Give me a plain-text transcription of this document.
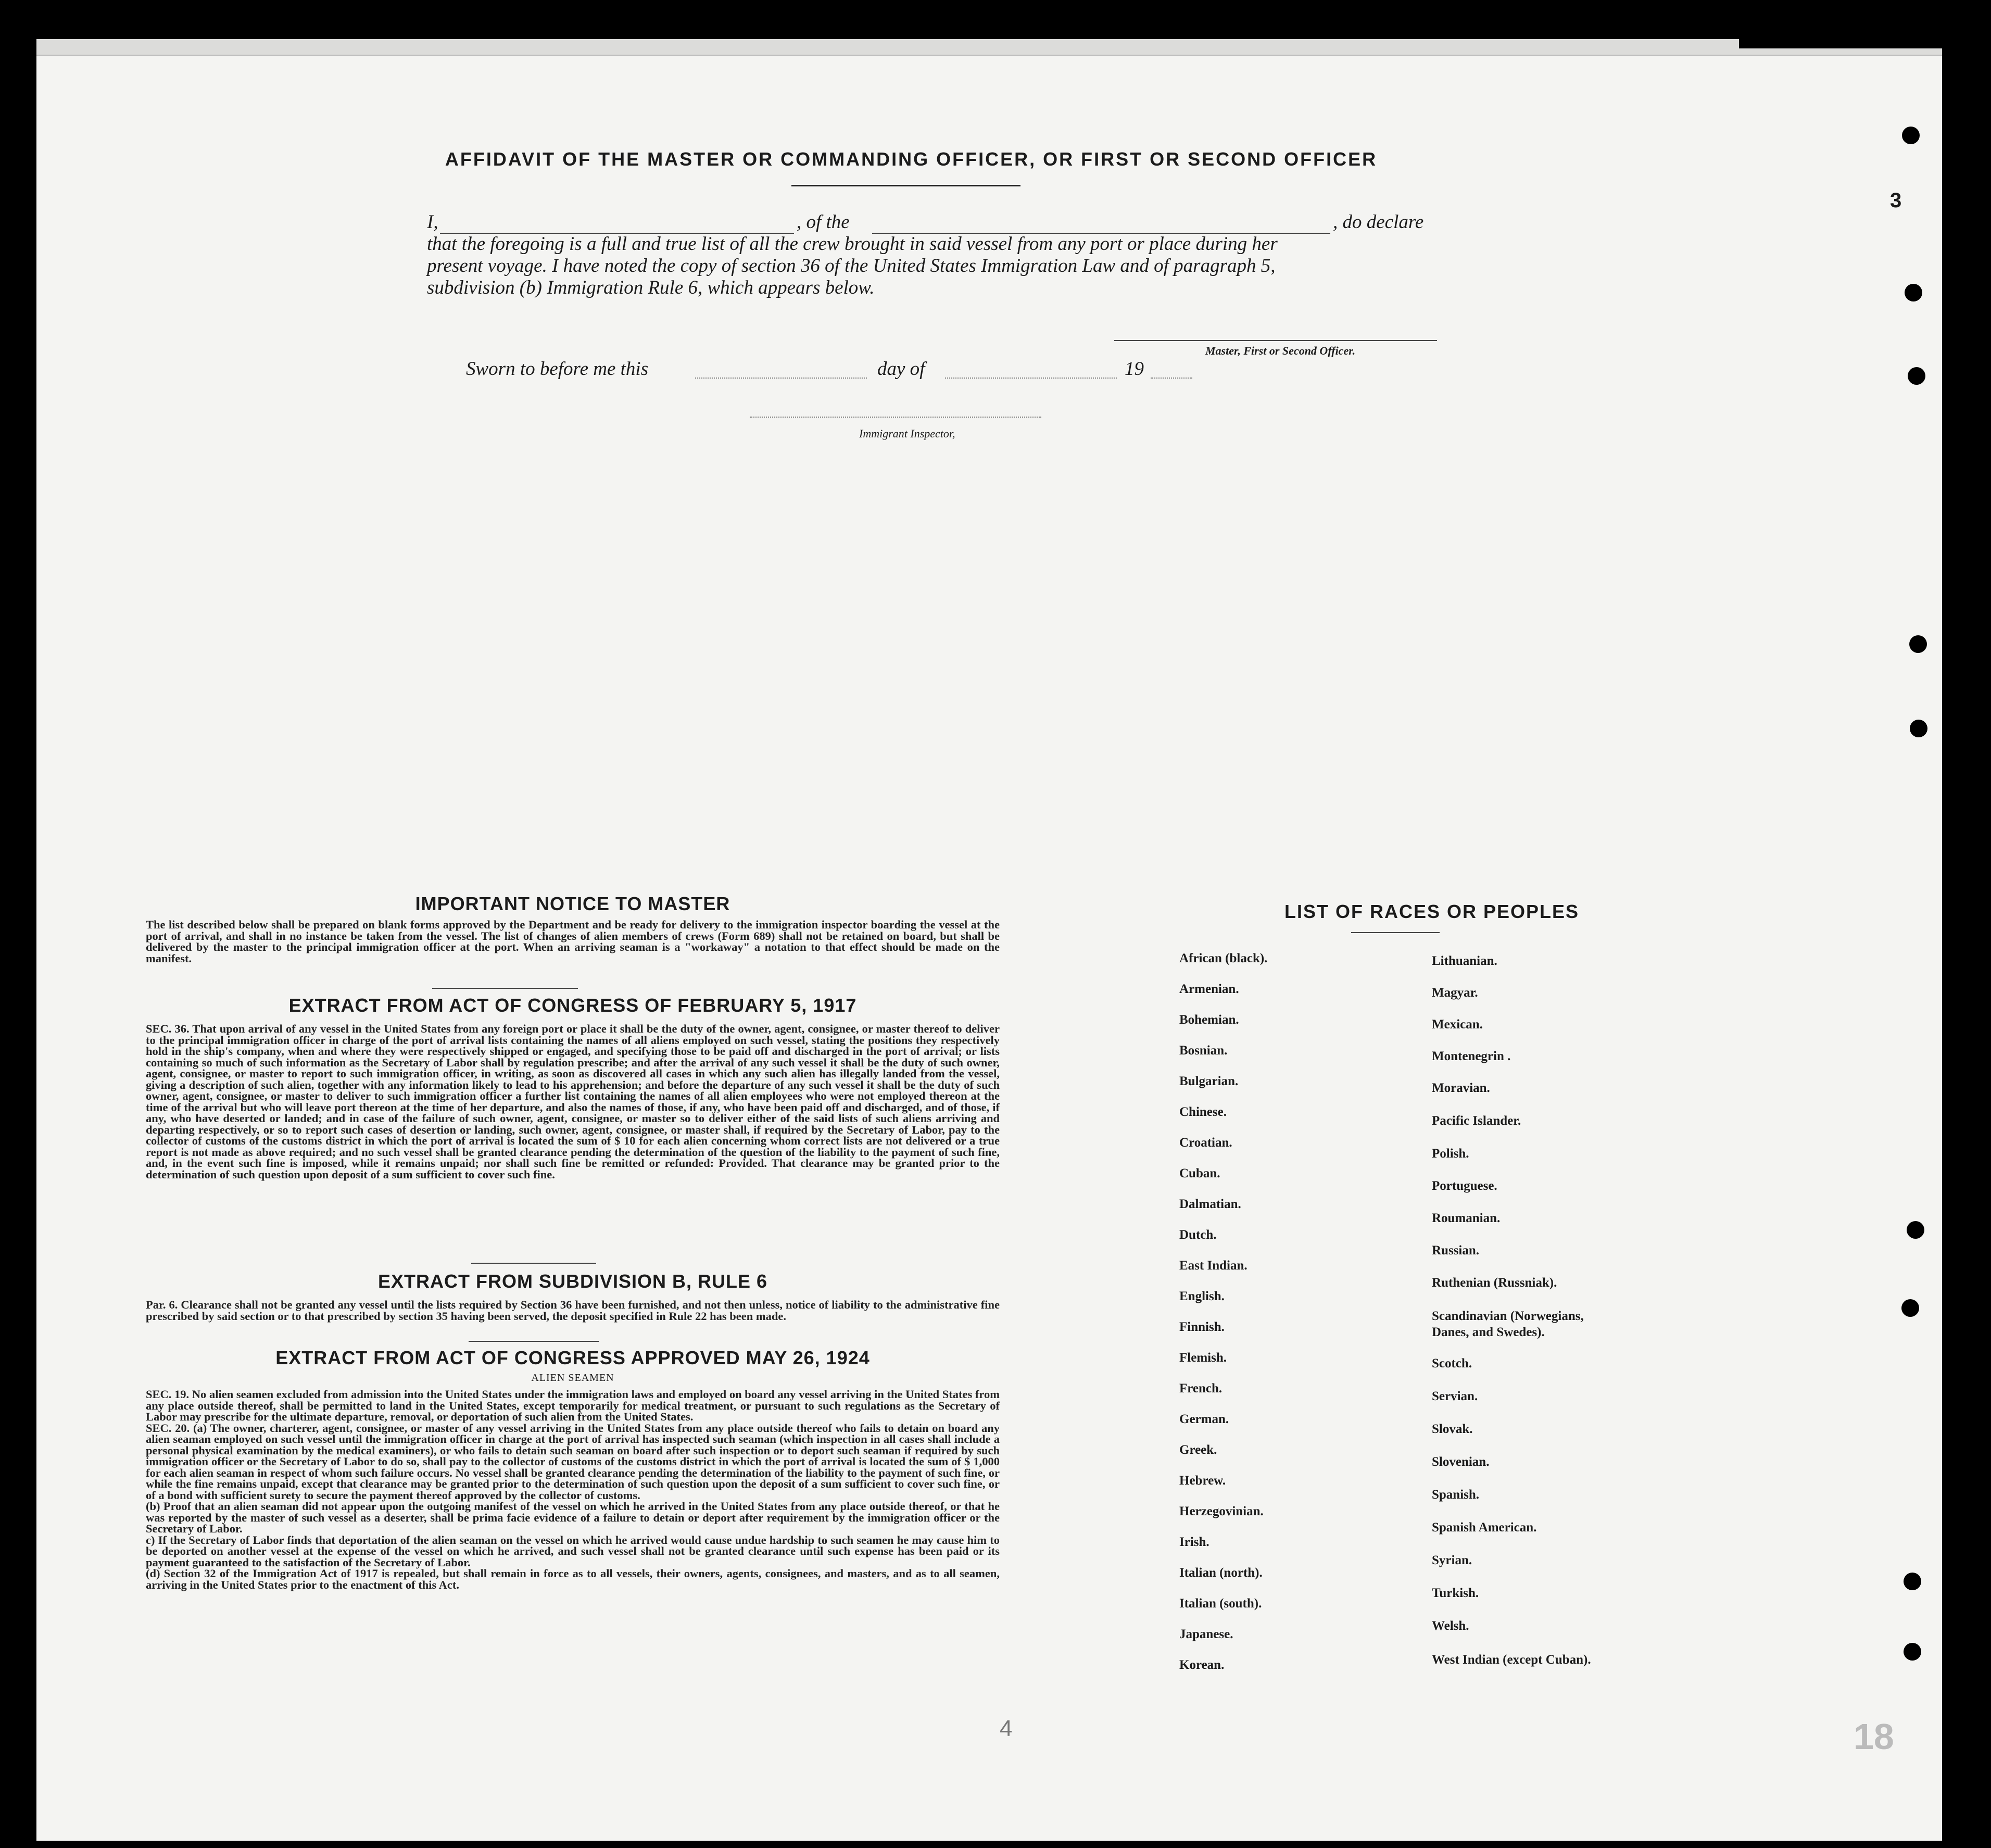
AFFIDAVIT OF THE MASTER OR COMMANDING OFFICER, OR FIRST OR SECOND OFFICER
I,	, of the	, do declare
that the foregoing is a full and true list of all the crew brought in said vessel from any port or place during her
present voyage. I have noted the copy of section 36 of the United States Immigration Law and of paragraph 5,
subdivision (b) Immigration Rule 6, which appears below.
Master, First or Second Officer.
Sworn to before me this	day of	19
Immigrant Inspector,
IMPORTANT NOTICE TO MASTER
The list described below shall be prepared on blank forms approved by the Department and be ready for delivery to the immigration inspector boarding the vessel at the port of arrival, and shall in no instance be taken from the vessel. The list of changes of alien members of crews (Form 689) shall not be retained on board, but shall be delivered by the master to the principal immigration officer at the port. When an arriving seaman is a "workaway" a notation to that effect should be made on the manifest.
EXTRACT FROM ACT OF CONGRESS OF FEBRUARY 5, 1917
SEC. 36. That upon arrival of any vessel in the United States from any foreign port or place it shall be the duty of the owner, agent, consignee, or master thereof to deliver to the principal immigration officer in charge of the port of arrival lists containing the names of all aliens employed on such vessel, stating the positions they respectively hold in the ship's company, when and where they were respectively shipped or engaged, and specifying those to be paid off and discharged in the port of arrival; or lists containing so much of such information as the Secretary of Labor shall by regulation prescribe; and after the arrival of any such vessel it shall be the duty of such owner, agent, consignee, or master to report to such immigration officer, in writing, as soon as discovered all cases in which any such alien has illegally landed from the vessel, giving a description of such alien, together with any information likely to lead to his apprehension; and before the departure of any such vessel it shall be the duty of such owner, agent, consignee, or master to deliver to such immigration officer a further list containing the names of all alien employees who were not employed thereon at the time of the arrival but who will leave port thereon at the time of her departure, and also the names of those, if any, who have been paid off and discharged, and of those, if any, who have deserted or landed; and in case of the failure of such owner, agent, consignee, or master so to deliver either of the said lists of such aliens arriving and departing respectively, or so to report such cases of desertion or landing, such owner, agent, consignee, or master shall, if required by the Secretary of Labor, pay to the collector of customs of the customs district in which the port of arrival is located the sum of $ 10 for each alien concerning whom correct lists are not delivered or a true report is not made as above required; and no such vessel shall be granted clearance pending the determination of the question of the liability to the payment of such fine, and, in the event such fine is imposed, while it remains unpaid; nor shall such fine be remitted or refunded: Provided. That clearance may be granted prior to the determination of such question upon deposit of a sum sufficient to cover such fine.
EXTRACT FROM SUBDIVISION B, RULE 6
Par. 6. Clearance shall not be granted any vessel until the lists required by Section 36 have been furnished, and not then unless, notice of liability to the administrative fine prescribed by said section or to that prescribed by section 35 having been served, the deposit specified in Rule 22 has been made.
EXTRACT FROM ACT OF CONGRESS APPROVED MAY 26, 1924
ALIEN SEAMEN
SEC. 19. No alien seamen excluded from admission into the United States under the immigration laws and employed on board any vessel arriving in the United States from any place outside thereof, shall be permitted to land in the United States, except temporarily for medical treatment, or pursuant to such regulations as the Secretary of Labor may prescribe for the ultimate departure, removal, or deportation of such alien from the United States.
SEC. 20. (a) The owner, charterer, agent, consignee, or master of any vessel arriving in the United States from any place outside thereof who fails to detain on board any alien seaman employed on such vessel until the immigration officer in charge at the port of arrival has inspected such seaman (which inspection in all cases shall include a personal physical examination by the medical examiners), or who fails to detain such seaman on board after such inspection or to deport such seaman if required by such immigration officer or the Secretary of Labor to do so, shall pay to the collector of customs of the customs district in which the port of arrival is located the sum of $ 1,000 for each alien seaman in respect of whom such failure occurs. No vessel shall be granted clearance pending the determination of the liability to the payment of such fine, or while the fine remains unpaid, except that clearance may be granted prior to the determination of such question upon the deposit of a sum sufficient to cover such fine, or of a bond with sufficient surety to secure the payment thereof approved by the collector of customs.
(b) Proof that an alien seaman did not appear upon the outgoing manifest of the vessel on which he arrived in the United States from any place outside thereof, or that he was reported by the master of such vessel as a deserter, shall be prima facie evidence of a failure to detain or deport after requirement by the immigration officer or the Secretary of Labor.
c) If the Secretary of Labor finds that deportation of the alien seaman on the vessel on which he arrived would cause undue hardship to such seamen he may cause him to be deported on another vessel at the expense of the vessel on which he arrived, and such vessel shall not be granted clearance until such expense has been paid or its payment guaranteed to the satisfaction of the Secretary of Labor.
(d) Section 32 of the Immigration Act of 1917 is repealed, but shall remain in force as to all vessels, their owners, agents, consignees, and masters, and as to all seamen, arriving in the United States prior to the enactment of this Act.
LIST OF RACES OR PEOPLES
African (black).
Armenian.
Bohemian.
Bosnian.
Bulgarian.
Chinese.
Croatian.
Cuban.
Dalmatian.
Dutch.
East Indian.
English.
Finnish.
Flemish.
French.
German.
Greek.
Hebrew.
Herzegovinian.
Irish.
Italian (north).
Italian (south).
Japanese.
Korean.
Lithuanian.
Magyar.
Mexican.
Montenegrin .
Moravian.
Pacific Islander.
Polish.
Portuguese.
Roumanian.
Russian.
Ruthenian (Russniak).
Scandinavian (Norwegians, Danes, and Swedes).
Scotch.
Servian.
Slovak.
Slovenian.
Spanish.
Spanish American.
Syrian.
Turkish.
Welsh.
West Indian (except Cuban).
4
3
18
